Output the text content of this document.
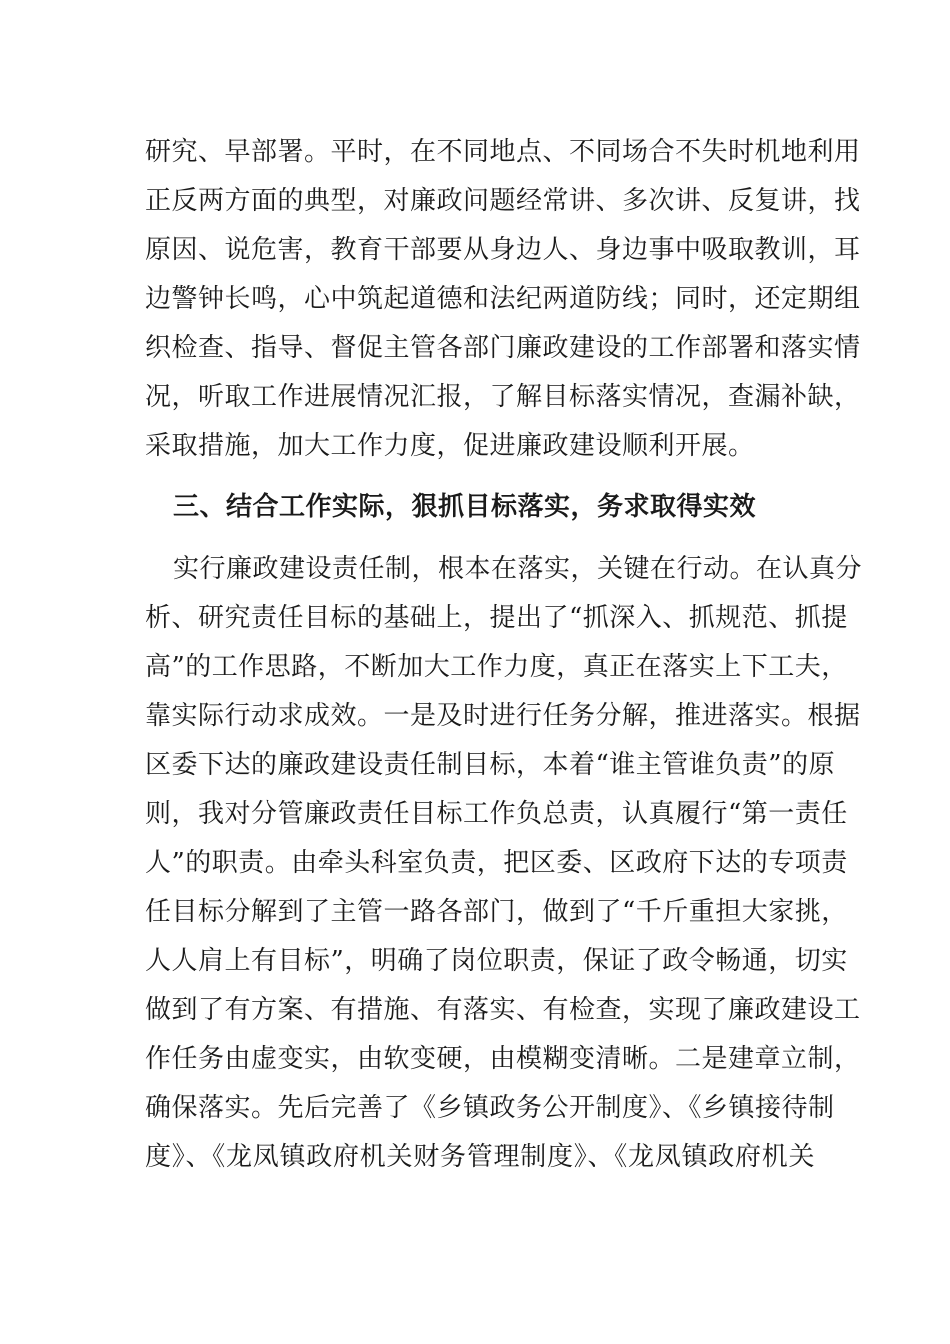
研究、早部署。平时，在不同地点、不同场合不失时机地利用
正反两方面的典型，对廉政问题经常讲、多次讲、反复讲，找
原因、说危害，教育干部要从身边人、身边事中吸取教训，耳
边警钟长鸣，心中筑起道德和法纪两道防线；同时，还定期组
织检查、指导、督促主管各部门廉政建设的工作部署和落实情
况，听取工作进展情况汇报，了解目标落实情况，查漏补缺，
采取措施，加大工作力度，促进廉政建设顺利开展。
三、结合工作实际，狠抓目标落实，务求取得实效
实行廉政建设责任制，根本在落实，关键在行动。在认真分
析、研究责任目标的基础上，提出了“抓深入、抓规范、抓提
高”的工作思路，不断加大工作力度，真正在落实上下工夫，
靠实际行动求成效。一是及时进行任务分解，推进落实。根据
区委下达的廉政建设责任制目标，本着“谁主管谁负责”的原
则，我对分管廉政责任目标工作负总责，认真履行“第一责任
人”的职责。由牵头科室负责，把区委、区政府下达的专项责
任目标分解到了主管一路各部门，做到了“千斤重担大家挑，
人人肩上有目标”，明确了岗位职责，保证了政令畅通，切实
做到了有方案、有措施、有落实、有检查，实现了廉政建设工
作任务由虚变实，由软变硬，由模糊变清晰。二是建章立制，
确保落实。先后完善了《乡镇政务公开制度》、《乡镇接待制
度》、《龙凤镇政府机关财务管理制度》、《龙凤镇政府机关
